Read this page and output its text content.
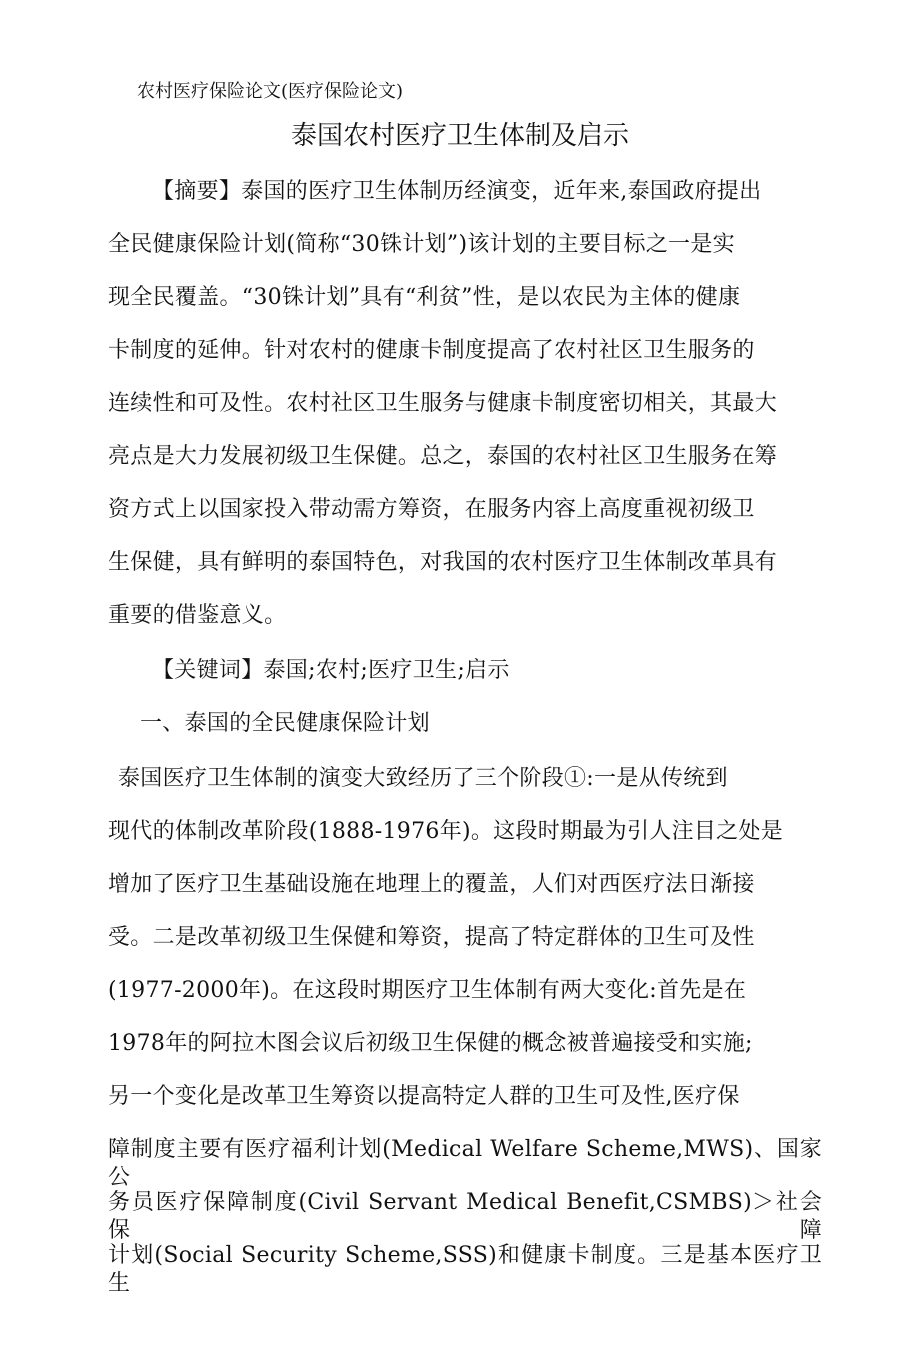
农村医疗保险论文(医疗保险论文)
泰国农村医疗卫生体制及启示
【摘要】泰国的医疗卫生体制历经演变，近年来,泰国政府提出
全民健康保险计划(简称“30铢计划”)该计划的主要目标之一是实
现全民覆盖。“30铢计划”具有“利贫”性，是以农民为主体的健康
卡制度的延伸。针对农村的健康卡制度提高了农村社区卫生服务的
连续性和可及性。农村社区卫生服务与健康卡制度密切相关，其最大
亮点是大力发展初级卫生保健。总之，泰国的农村社区卫生服务在筹
资方式上以国家投入带动需方筹资，在服务内容上高度重视初级卫
生保健，具有鲜明的泰国特色，对我国的农村医疗卫生体制改革具有
重要的借鉴意义。
【关键词】泰国;农村;医疗卫生;启示
一、泰国的全民健康保险计划
泰国医疗卫生体制的演变大致经历了三个阶段①:一是从传统到
现代的体制改革阶段(1888-1976年)。这段时期最为引人注目之处是
增加了医疗卫生基础设施在地理上的覆盖，人们对西医疗法日渐接
受。二是改革初级卫生保健和筹资，提高了特定群体的卫生可及性
(1977-2000年)。在这段时期医疗卫生体制有两大变化:首先是在
1978年的阿拉木图会议后初级卫生保健的概念被普遍接受和实施;
另一个变化是改革卫生筹资以提高特定人群的卫生可及性,医疗保
障制度主要有医疗福利计划(Medical Welfare Scheme,MWS)、国家公
务员医疗保障制度(Civil Servant Medical Benefit,CSMBS)＞社会保障
计划(Social Security Scheme,SSS)和健康卡制度。三是基本医疗卫生
